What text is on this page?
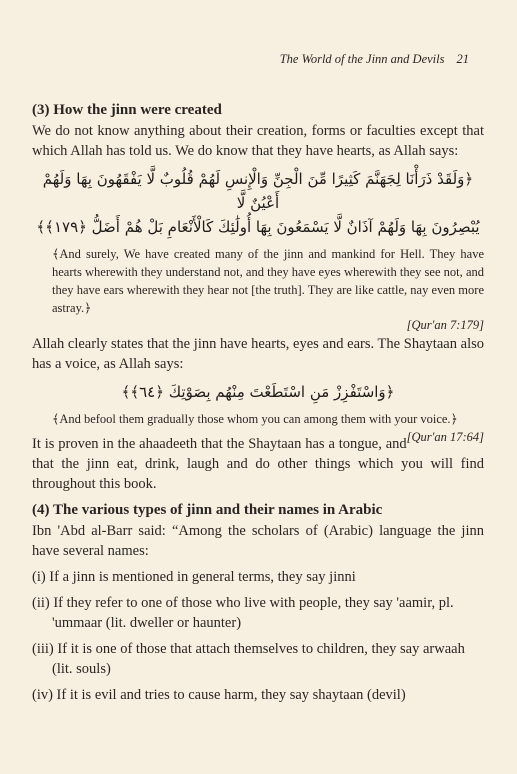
The World of the Jinn and Devils 21
(3) How the jinn were created

We do not know anything about their creation, forms or faculties except that which Allah has told us. We do know that they have hearts, as Allah says:

﴿وَلَقَدْ ذَرَأْنَا لِجَهَنَّمَ كَثِيرًا مِّنَ الْجِنِّ وَالْإِنسِ لَهُمْ قُلُوبٌ لَّا يَفْقَهُونَ بِهَا وَلَهُمْ أَعْيُنٌ لَّا
يُبْصِرُونَ بِهَا وَلَهُمْ آذَانٌ لَّا يَسْمَعُونَ بِهَا أُولَٰئِكَ كَالْأَنْعَامِ بَلْ هُمْ أَضَلُّ ﴿١٧٩﴾﴾
﴾And surely, We have created many of the jinn and mankind for Hell. They have hearts wherewith they understand not, and they have eyes wherewith they see not, and they have ears wherewith they hear not [the truth]. They are like cattle, nay even more astray.﴿
[Qur'an 7:179]

Allah clearly states that the jinn have hearts, eyes and ears. The Shaytaan also has a voice, as Allah says:

﴿وَاسْتَفْزِزْ مَنِ اسْتَطَعْتَ مِنْهُم بِصَوْتِكَ ﴿٦٤﴾﴾
﴾And befool them gradually those whom you can among them with your voice.﴿
[Qur'an 17:64]

It is proven in the ahaadeeth that the Shaytaan has a tongue, and that the jinn eat, drink, laugh and do other things which you will find throughout this book.

(4) The various types of jinn and their names in Arabic

Ibn 'Abd al-Barr said: “Among the scholars of (Arabic) language the jinn have several names:

(i) If a jinn is mentioned in general terms, they say jinni
(ii) If they refer to one of those who live with people, they say 'aamir, pl. 'ummaar (lit. dweller or haunter)
(iii) If it is one of those that attach themselves to children, they say arwaah (lit. souls)
(iv) If it is evil and tries to cause harm, they say shaytaan (devil)
